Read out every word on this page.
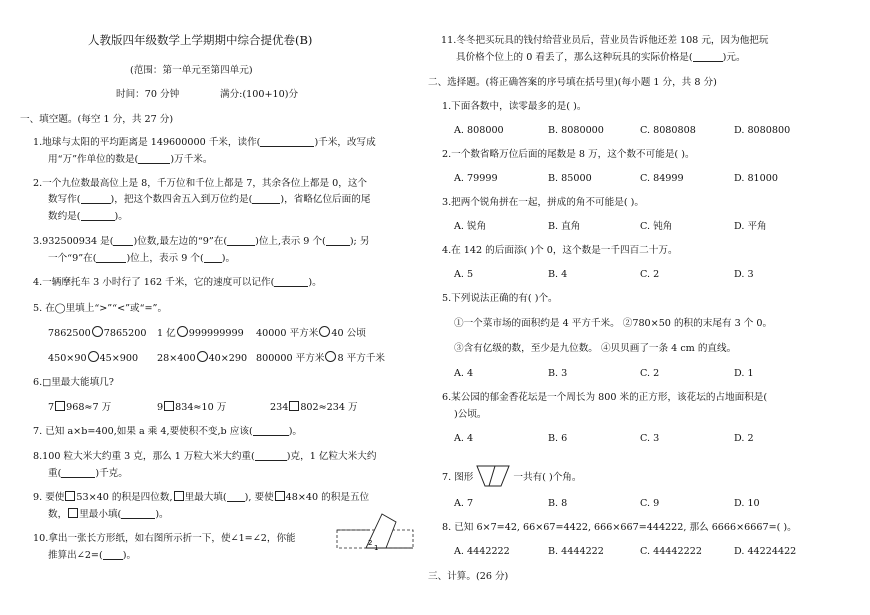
人教版四年级数学上学期期中综合提优卷(B)
(范围：第一单元至第四单元)
时间：70 分钟	满分:(100+10)分
一、填空题。(每空 1 分，共 27 分)
1.地球与太阳的平均距离是 149600000 千米，读作(	)千米，改写成
用“万”作单位的数是(	)万千米。
2.一个九位数最高位上是 8，千万位和千位上都是 7，其余各位上都是 0，这个
数写作(	)，把这个数四舍五入到万位约是(	)，省略亿位后面的尾
数约是(	)。
3.932500934 是( )位数,最左边的“9”在(	)位上,表示 9 个(	); 另
一个“9”在(	)位上，表示 9 个( )。
4.一辆摩托车 3 小时行了 162 千米，它的速度可以记作(	)。
5. 在◯里填上“>”“<”或“=”。
7862500 7865200 1 亿 999999999 40000 平方米 40 公顷
450×90 45×900 28×400 40×290 800000 平方米 8 平方千米
6.□里最大能填几?
7 968≈7 万	9 834≈10 万	234 802≈234 万
7. 已知 a×b=400,如果 a 乘 4,要使积不变,b 应该(	)。
8.100 粒大米大约重 3 克，那么 1 万粒大米大约重(	)克，1 亿粒大米大约
重(	)千克。
9. 要使 53×40 的积是四位数, 里最大填( ), 要使 48×40 的积是五位
数， 里最小填(	)。
10.拿出一张长方形纸，如右图所示折一下，使∠1=∠2，你能
推算出∠2=( )。
2
1
11.冬冬把买玩具的钱付给营业员后，营业员告诉他还差 108 元，因为他把玩
具价格个位上的 0 看丢了，那么这种玩具的实际价格是(	)元。
二、选择题。(将正确答案的序号填在括号里)(每小题 1 分，共 8 分)
1.下面各数中，读零最多的是( )。
A. 808000	B. 8080000	C. 8080808	D. 8080800
2.一个数省略万位后面的尾数是 8 万，这个数不可能是( )。
A. 79999	B. 85000	C. 84999	D. 81000
3.把两个锐角拼在一起，拼成的角不可能是( )。
A. 锐角	B. 直角	C. 钝角	D. 平角
4.在 142 的后面添( )个 0，这个数是一千四百二十万。
A. 5	B. 4	C. 2	D. 3
5.下列说法正确的有( )个。
①一个菜市场的面积约是 4 平方千米。 ②780×50 的积的末尾有 3 个 0。
③含有亿级的数，至少是九位数。 ④贝贝画了一条 4 cm 的直线。
A. 4	B. 3	C. 2	D. 1
6.某公园的郁金香花坛是一个周长为 800 米的正方形，该花坛的占地面积是(
)公顷。
A. 4	B. 6	C. 3	D. 2
7. 图形	一共有( )个角。
A. 7	B. 8	C. 9	D. 10
8. 已知 6×7=42, 66×67=4422, 666×667=444222, 那么 6666×6667=( )。
A. 4442222	B. 4444222	C. 44442222	D. 44224422
三、计算。(26 分)
